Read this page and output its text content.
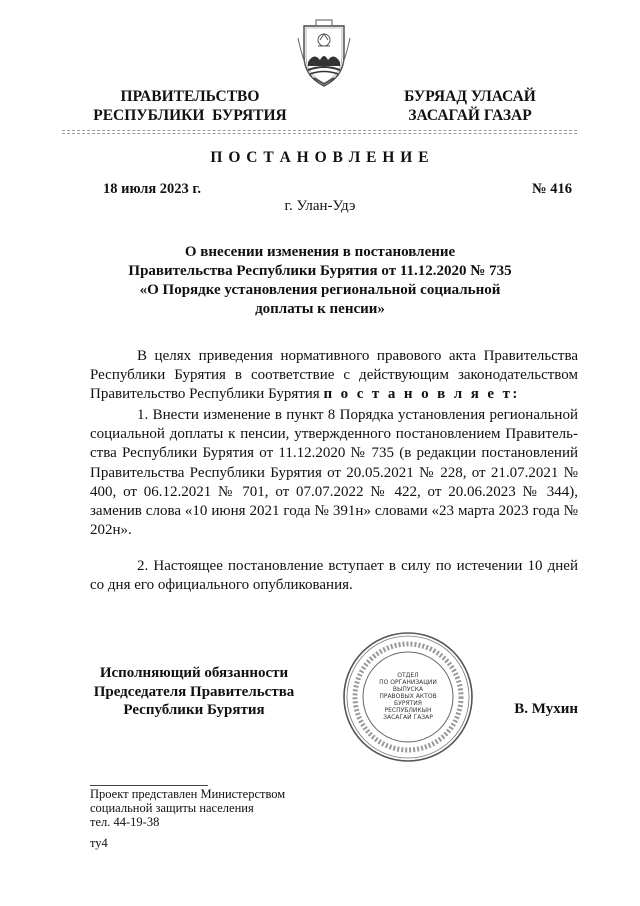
ПРАВИТЕЛЬСТВО
РЕСПУБЛИКИ  БУРЯТИЯ
БУРЯАД УЛАСАЙ
ЗАСАГАЙ ГАЗАР
П О С Т А Н О В Л Е Н И Е
18 июля 2023 г.	№ 416
г. Улан-Удэ
О внесении изменения в постановление
Правительства Республики Бурятия от 11.12.2020 № 735
«О Порядке установления региональной социальной
доплаты к пенсии»
В целях приведения нормативного правового акта Правительства Республики Бурятия в соответствие с действующим законодательством Правительство Республики Бурятия п о с т а н о в л я е т:
1. Внести изменение в пункт 8 Порядка установления региональной социальной доплаты к пенсии, утвержденного постановлением Правитель-ства Республики Бурятия от 11.12.2020 № 735 (в редакции постановлений Правительства Республики Бурятия от 20.05.2021 № 228, от 21.07.2021 № 400, от 06.12.2021 № 701, от 07.07.2022 № 422, от 20.06.2023 № 344), заменив слова «10 июня 2021 года № 391н» словами «23 марта 2023 года № 202н».
2. Настоящее постановление вступает в силу по истечении 10 дней со дня его официального опубликования.
Исполняющий обязанности
Председателя Правительства
Республики Бурятия	В. Мухин
ОТДЕЛ
ПО ОРГАНИЗАЦИИ
ВЫПУСКА
ПРАВОВЫХ АКТОВ
БУРЯТИЯ
РЕСПУБЛИКЫН
ЗАСАГАЙ ГАЗАР
Проект представлен Министерством
социальной защиты населения
тел. 44-19-38
ту4
